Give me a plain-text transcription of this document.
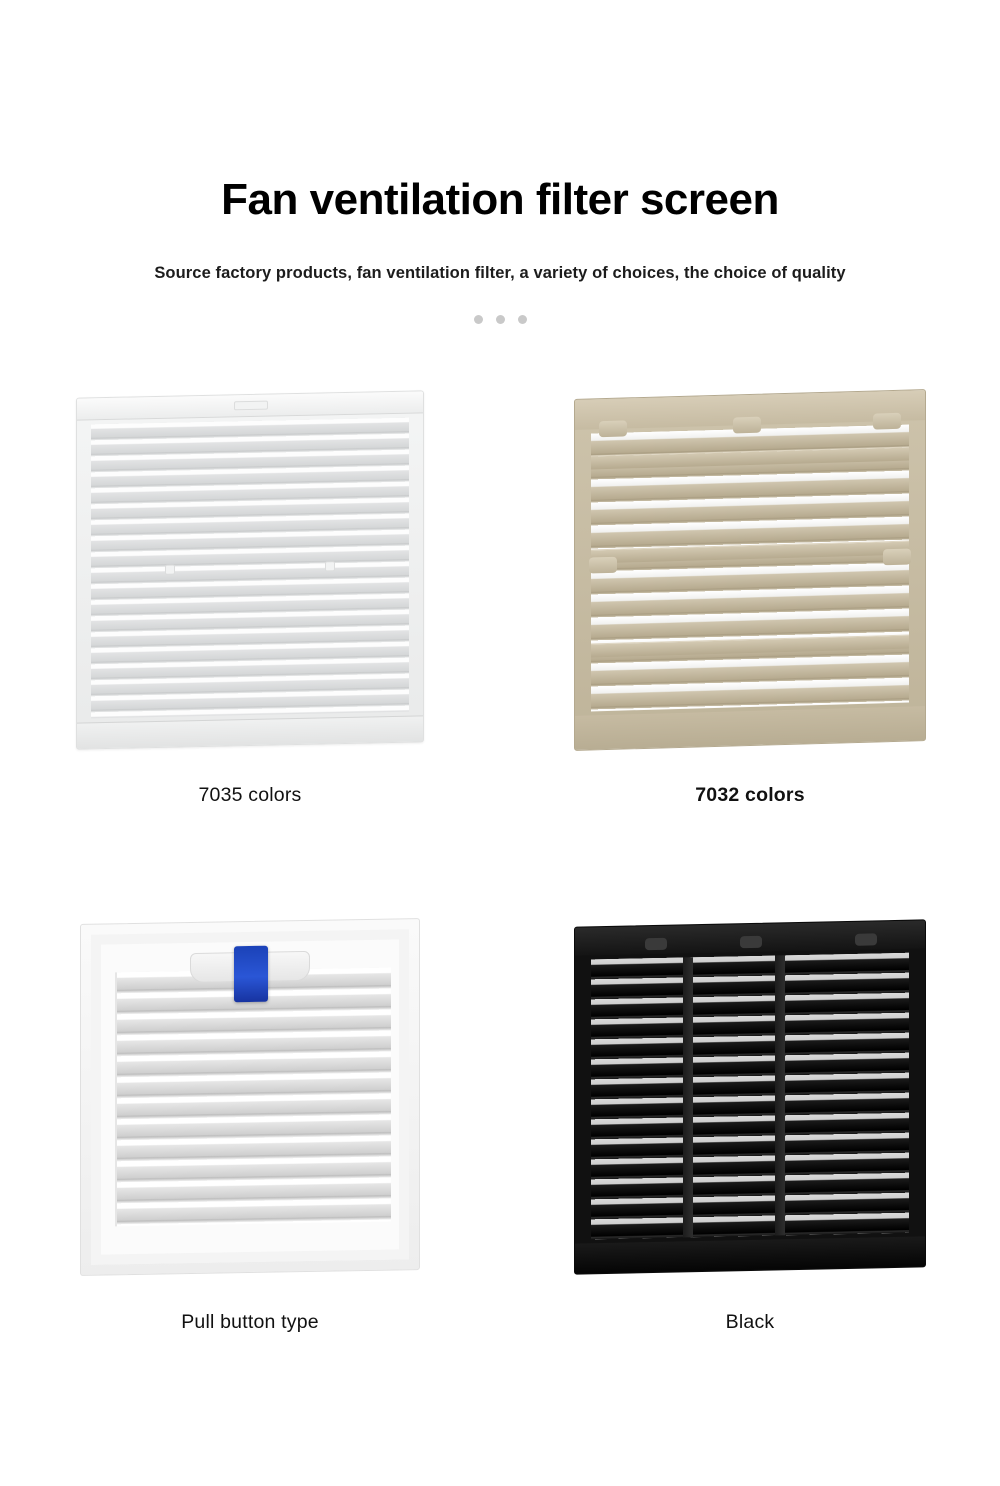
Fan ventilation filter screen

Source factory products, fan ventilation filter, a variety of choices, the choice of quality

7035 colors	7032 colors
Pull button type	Black
